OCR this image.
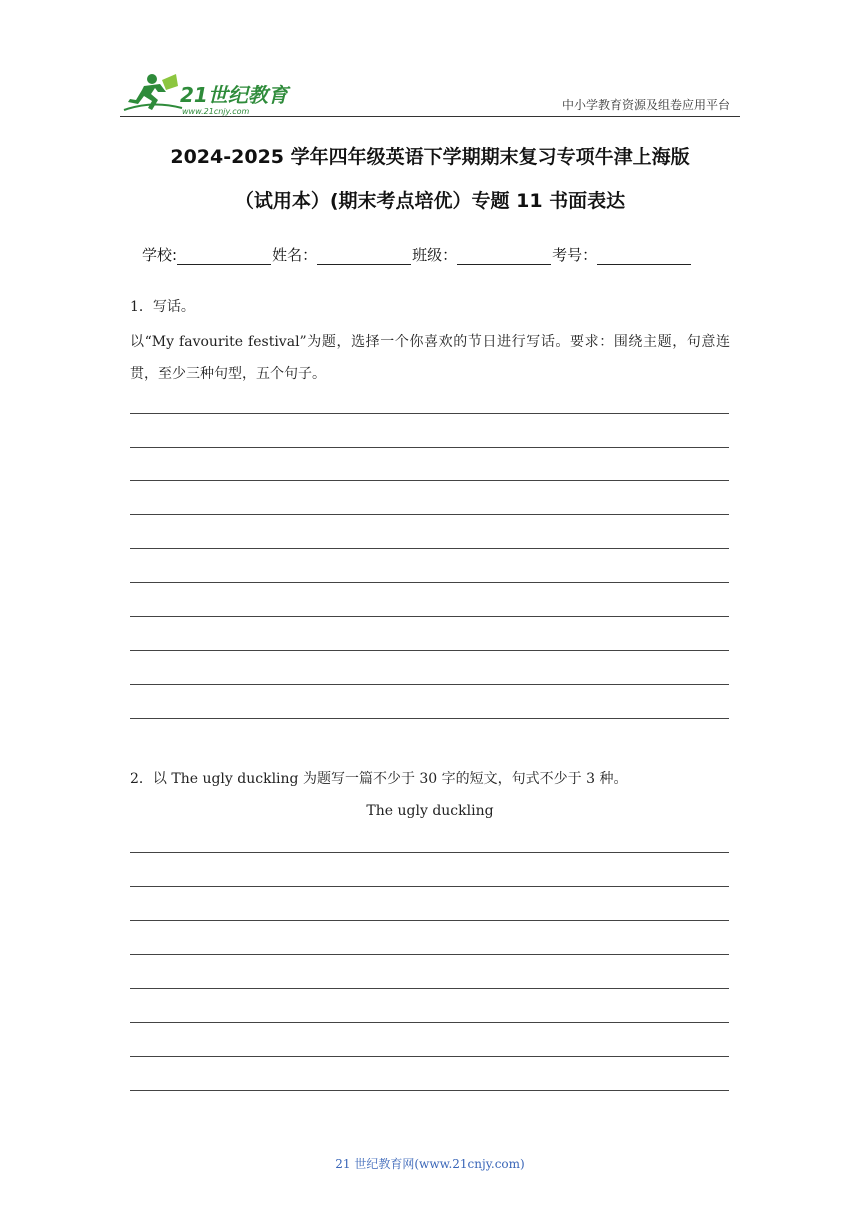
21世纪教育
www.21cnjy.com	中小学教育资源及组卷应用平台
2024-2025 学年四年级英语下学期期末复习专项牛津上海版
（试用本）(期末考点培优）专题 11 书面表达
学校:	姓名：	班级：	考号：
1．写话。
以“My favourite festival”为题，选择一个你喜欢的节日进行写话。要求：围绕主题，句意连贯，至少三种句型，五个句子。
2．以 The ugly duckling 为题写一篇不少于 30 字的短文，句式不少于 3 种。
The ugly duckling
21 世纪教育网(www.21cnjy.com)
